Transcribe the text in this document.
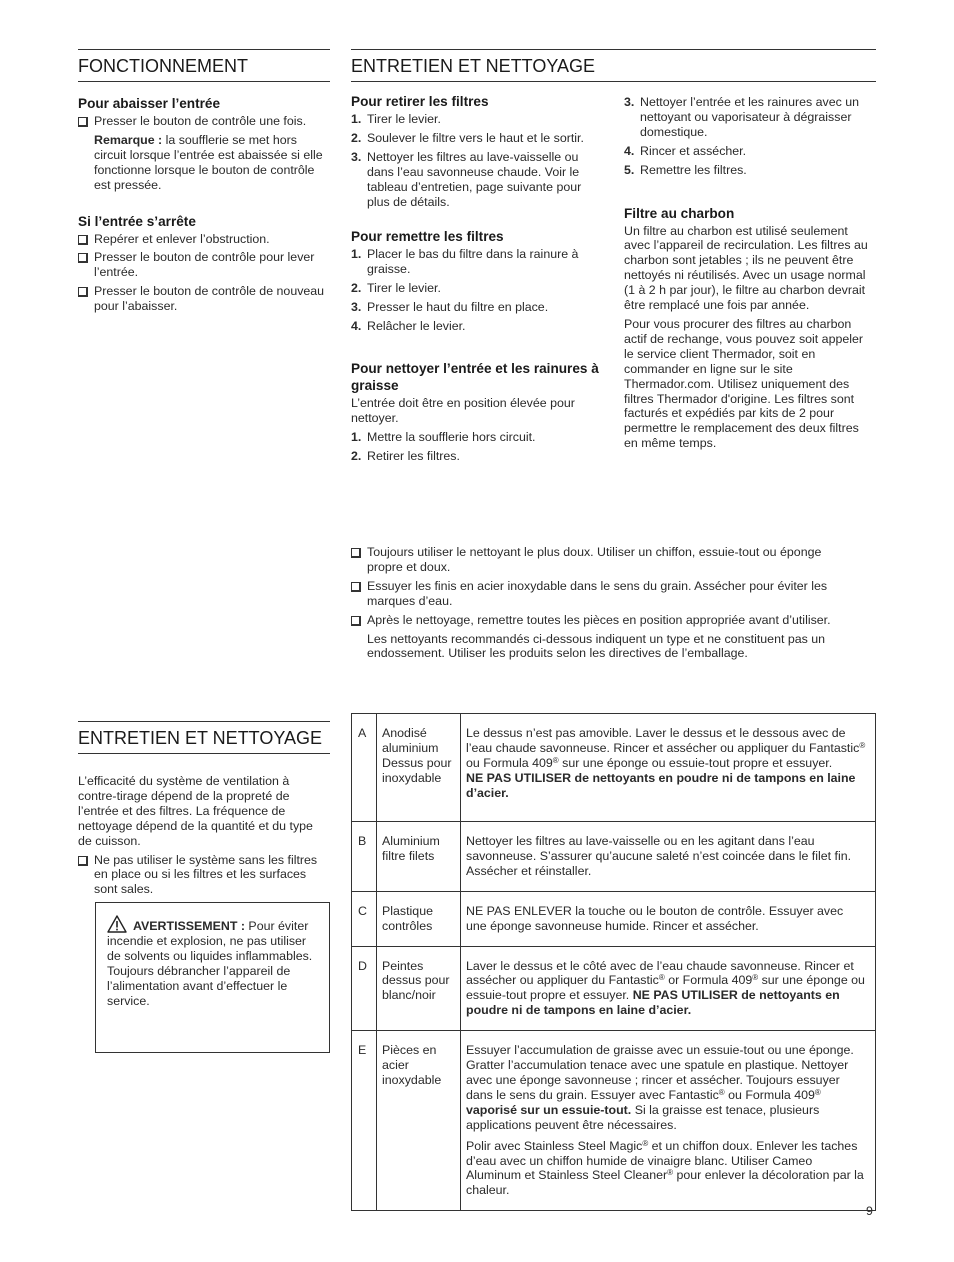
FONCTIONNEMENT
Pour abaisser l’entrée
Presser le bouton de contrôle une fois.
Remarque : la soufflerie se met hors circuit lorsque l’entrée est abaissée si elle fonctionne lorsque le bouton de contrôle est pressée.
Si l’entrée s’arrête
Repérer et enlever l’obstruction.
Presser le bouton de contrôle pour lever l’entrée.
Presser le bouton de contrôle de nouveau pour l’abaisser.
ENTRETIEN ET NETTOYAGE
Pour retirer les filtres
1. Tirer le levier.
2. Soulever le filtre vers le haut et le sortir.
3. Nettoyer les filtres au lave-vaisselle ou dans l’eau savonneuse chaude. Voir le tableau d’entretien, page suivante pour plus de détails.
Pour remettre les filtres
1. Placer le bas du filtre dans la rainure à graisse.
2. Tirer le levier.
3. Presser le haut du filtre en place.
4. Relâcher le levier.
Pour nettoyer l’entrée et les rainures à graisse

L’entrée doit être en position élevée pour nettoyer.

1. Mettre la soufflerie hors circuit.
2. Retirer les filtres.
3. Nettoyer l’entrée et les rainures avec un nettoyant ou vaporisateur à dégraisser domestique.
4. Rincer et assécher.
5. Remettre les filtres.
Filtre au charbon

Un filtre au charbon est utilisé seulement avec l’appareil de recirculation. Les filtres au charbon sont jetables ; ils ne peuvent être nettoyés ni réutilisés. Avec un usage normal (1 à 2 h par jour), le filtre au charbon devrait être remplacé une fois par année.

Pour vous procurer des filtres au charbon actif de rechange, vous pouvez soit appeler le service client Thermador, soit en commander en ligne sur le site Thermador.com. Utilisez uniquement des filtres Thermador d'origine. Les filtres sont facturés et expédiés par kits de 2 pour permettre le remplacement des deux filtres en même temps.

Toujours utiliser le nettoyant le plus doux. Utiliser un chiffon, essuie-tout ou éponge propre et doux.
Essuyer les finis en acier inoxydable dans le sens du grain. Assécher pour éviter les marques d’eau.
Après le nettoyage, remettre toutes les pièces en position appropriée avant d’utiliser.
Les nettoyants recommandés ci-dessous indiquent un type et ne constituent pas un endossement. Utiliser les produits selon les directives de l’emballage.
ENTRETIEN ET NETTOYAGE

L’efficacité du système de ventilation à contre-tirage dépend de la propreté de l’entrée et des filtres. La fréquence de nettoyage dépend de la quantité et du type de cuisson.

Ne pas utiliser le système sans les filtres en place ou si les filtres et les surfaces sont sales.
AVERTISSEMENT : Pour éviter incendie et explosion, ne pas utiliser de solvents ou liquides inflammables.
Toujours débrancher l’appareil de l’alimentation avant d’effectuer le service.
A	Anodisé aluminium Dessus pour inoxydable	Le dessus n’est pas amovible. Laver le dessus et le dessous avec de l’eau chaude savonneuse. Rincer et assécher ou appliquer du Fantastic® ou Formula 409® sur une éponge ou essuie-tout propre et essuyer.
NE PAS UTILISER de nettoyants en poudre ni de tampons en laine d’acier.

B	Aluminium filtre filets	Nettoyer les filtres au lave-vaisselle ou en les agitant dans l’eau savonneuse. S’assurer qu’aucune saleté n’est coincée dans le filet fin. Assécher et réinstaller.
C	Plastique contrôles	NE PAS ENLEVER la touche ou le bouton de contrôle. Essuyer avec une éponge savonneuse humide. Rincer et assécher.
D	Peintes dessus pour blanc/noir	Laver le dessus et le côté avec de l’eau chaude savonneuse. Rincer et assécher ou appliquer du Fantastic® or Formula 409® sur une éponge ou essuie-tout propre et essuyer. NE PAS UTILISER de nettoyants en poudre ni de tampons en laine d’acier.

E	Pièces en acier inoxydable	Essuyer l’accumulation de graisse avec un essuie-tout ou une éponge. Gratter l’accumulation tenace avec une spatule en plastique. Nettoyer avec une éponge savonneuse ; rincer et assécher. Toujours essuyer dans le sens du grain. Essuyer avec Fantastic® ou Formula 409® vaporisé sur un essuie-tout. Si la graisse est tenace, plusieurs applications peuvent être nécessaires.

Polir avec Stainless Steel Magic® et un chiffon doux. Enlever les taches d’eau avec un chiffon humide de vinaigre blanc. Utiliser Cameo Aluminum et Stainless Steel Cleaner® pour enlever la décoloration par la chaleur.

9
